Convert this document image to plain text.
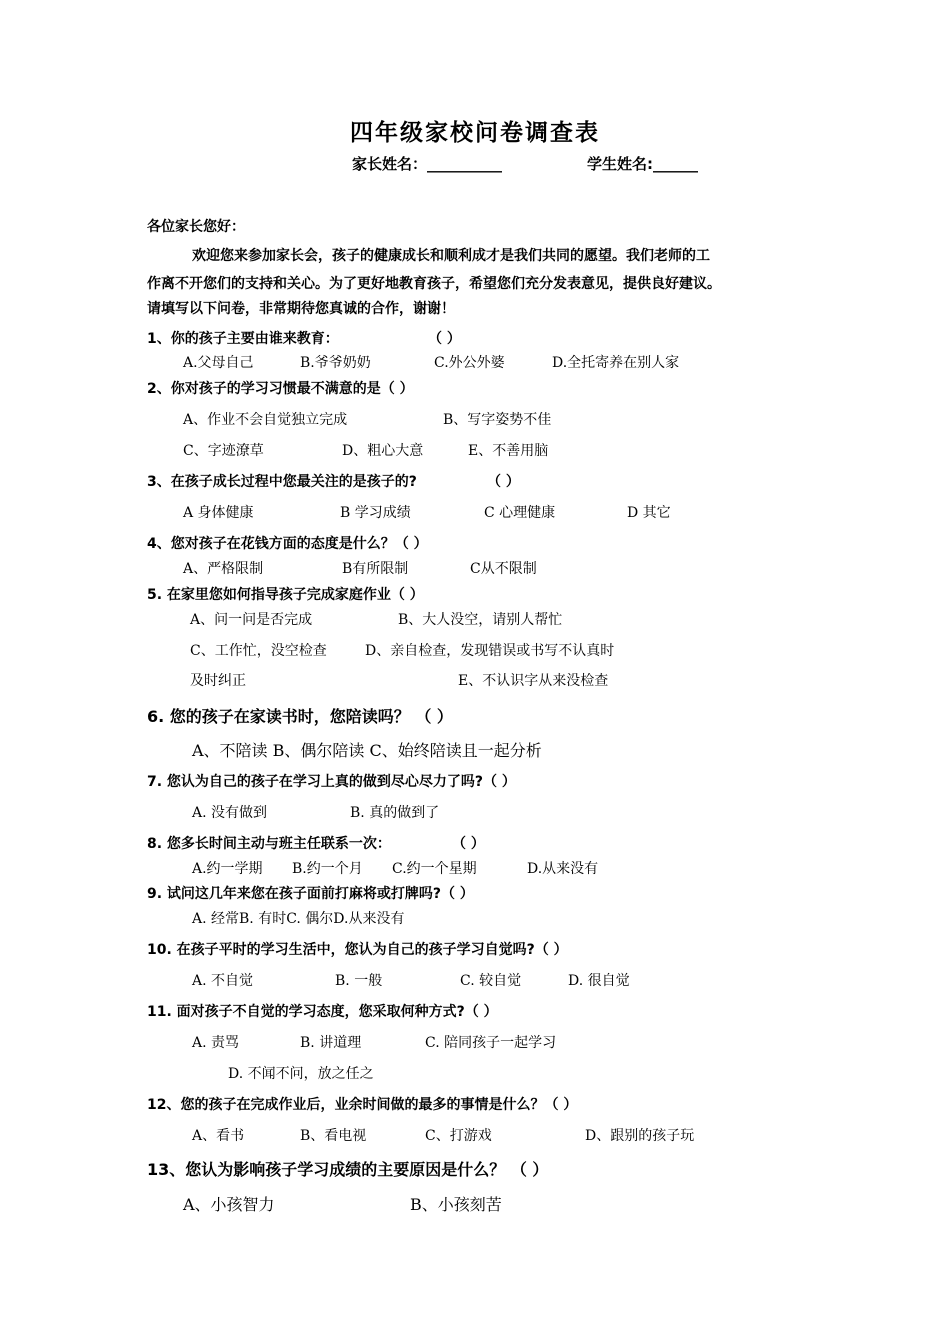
四年级家校问卷调查表
家长姓名：__________	学生姓名:______
各位家长您好：
欢迎您来参加家长会，孩子的健康成长和顺利成才是我们共同的愿望。我们老师的工
作离不开您们的支持和关心。为了更好地教育孩子，希望您们充分发表意见，提供良好建议。
请填写以下问卷，非常期待您真诚的合作，谢谢！
1、你的孩子主要由谁来教育：	（ ）
A.父母自己	B.爷爷奶奶	C.外公外婆	D.全托寄养在别人家
2、你对孩子的学习习惯最不满意的是（ ）
A、作业不会自觉独立完成	B、写字姿势不佳
C、字迹潦草	D、粗心大意	E、不善用脑
3、在孩子成长过程中您最关注的是孩子的?	（ ）
A 身体健康	B 学习成绩	C 心理健康	D 其它
4、您对孩子在花钱方面的态度是什么？（ ）
A、严格限制	B有所限制	C从不限制
5. 在家里您如何指导孩子完成家庭作业（ ）
A、问一问是否完成	B、大人没空，请别人帮忙
C、工作忙，没空检查	D、亲自检查，发现错误或书写不认真时
及时纠正	E、不认识字从来没检查
6. 您的孩子在家读书时，您陪读吗？ （ ）
A、不陪读 B、偶尔陪读 C、始终陪读且一起分析
7. 您认为自己的孩子在学习上真的做到尽心尽力了吗?（ ）
A. 没有做到	B. 真的做到了
8. 您多长时间主动与班主任联系一次：	（ ）
A.约一学期 B.约一个月 C.约一个星期	D.从来没有
9. 试问这几年来您在孩子面前打麻将或打牌吗?（ ）
A. 经常B. 有时C. 偶尔D.从来没有
10. 在孩子平时的学习生活中，您认为自己的孩子学习自觉吗?（ ）
A. 不自觉	B. 一般	C. 较自觉	D. 很自觉
11. 面对孩子不自觉的学习态度，您采取何种方式?（ ）
A. 责骂	B. 讲道理	C. 陪同孩子一起学习
D. 不闻不问，放之任之
12、您的孩子在完成作业后，业余时间做的最多的事情是什么？（ ）
A、看书	B、看电视	C、打游戏	D、跟别的孩子玩
13、您认为影响孩子学习成绩的主要原因是什么？ （ ）
A、小孩智力	B、小孩刻苦
